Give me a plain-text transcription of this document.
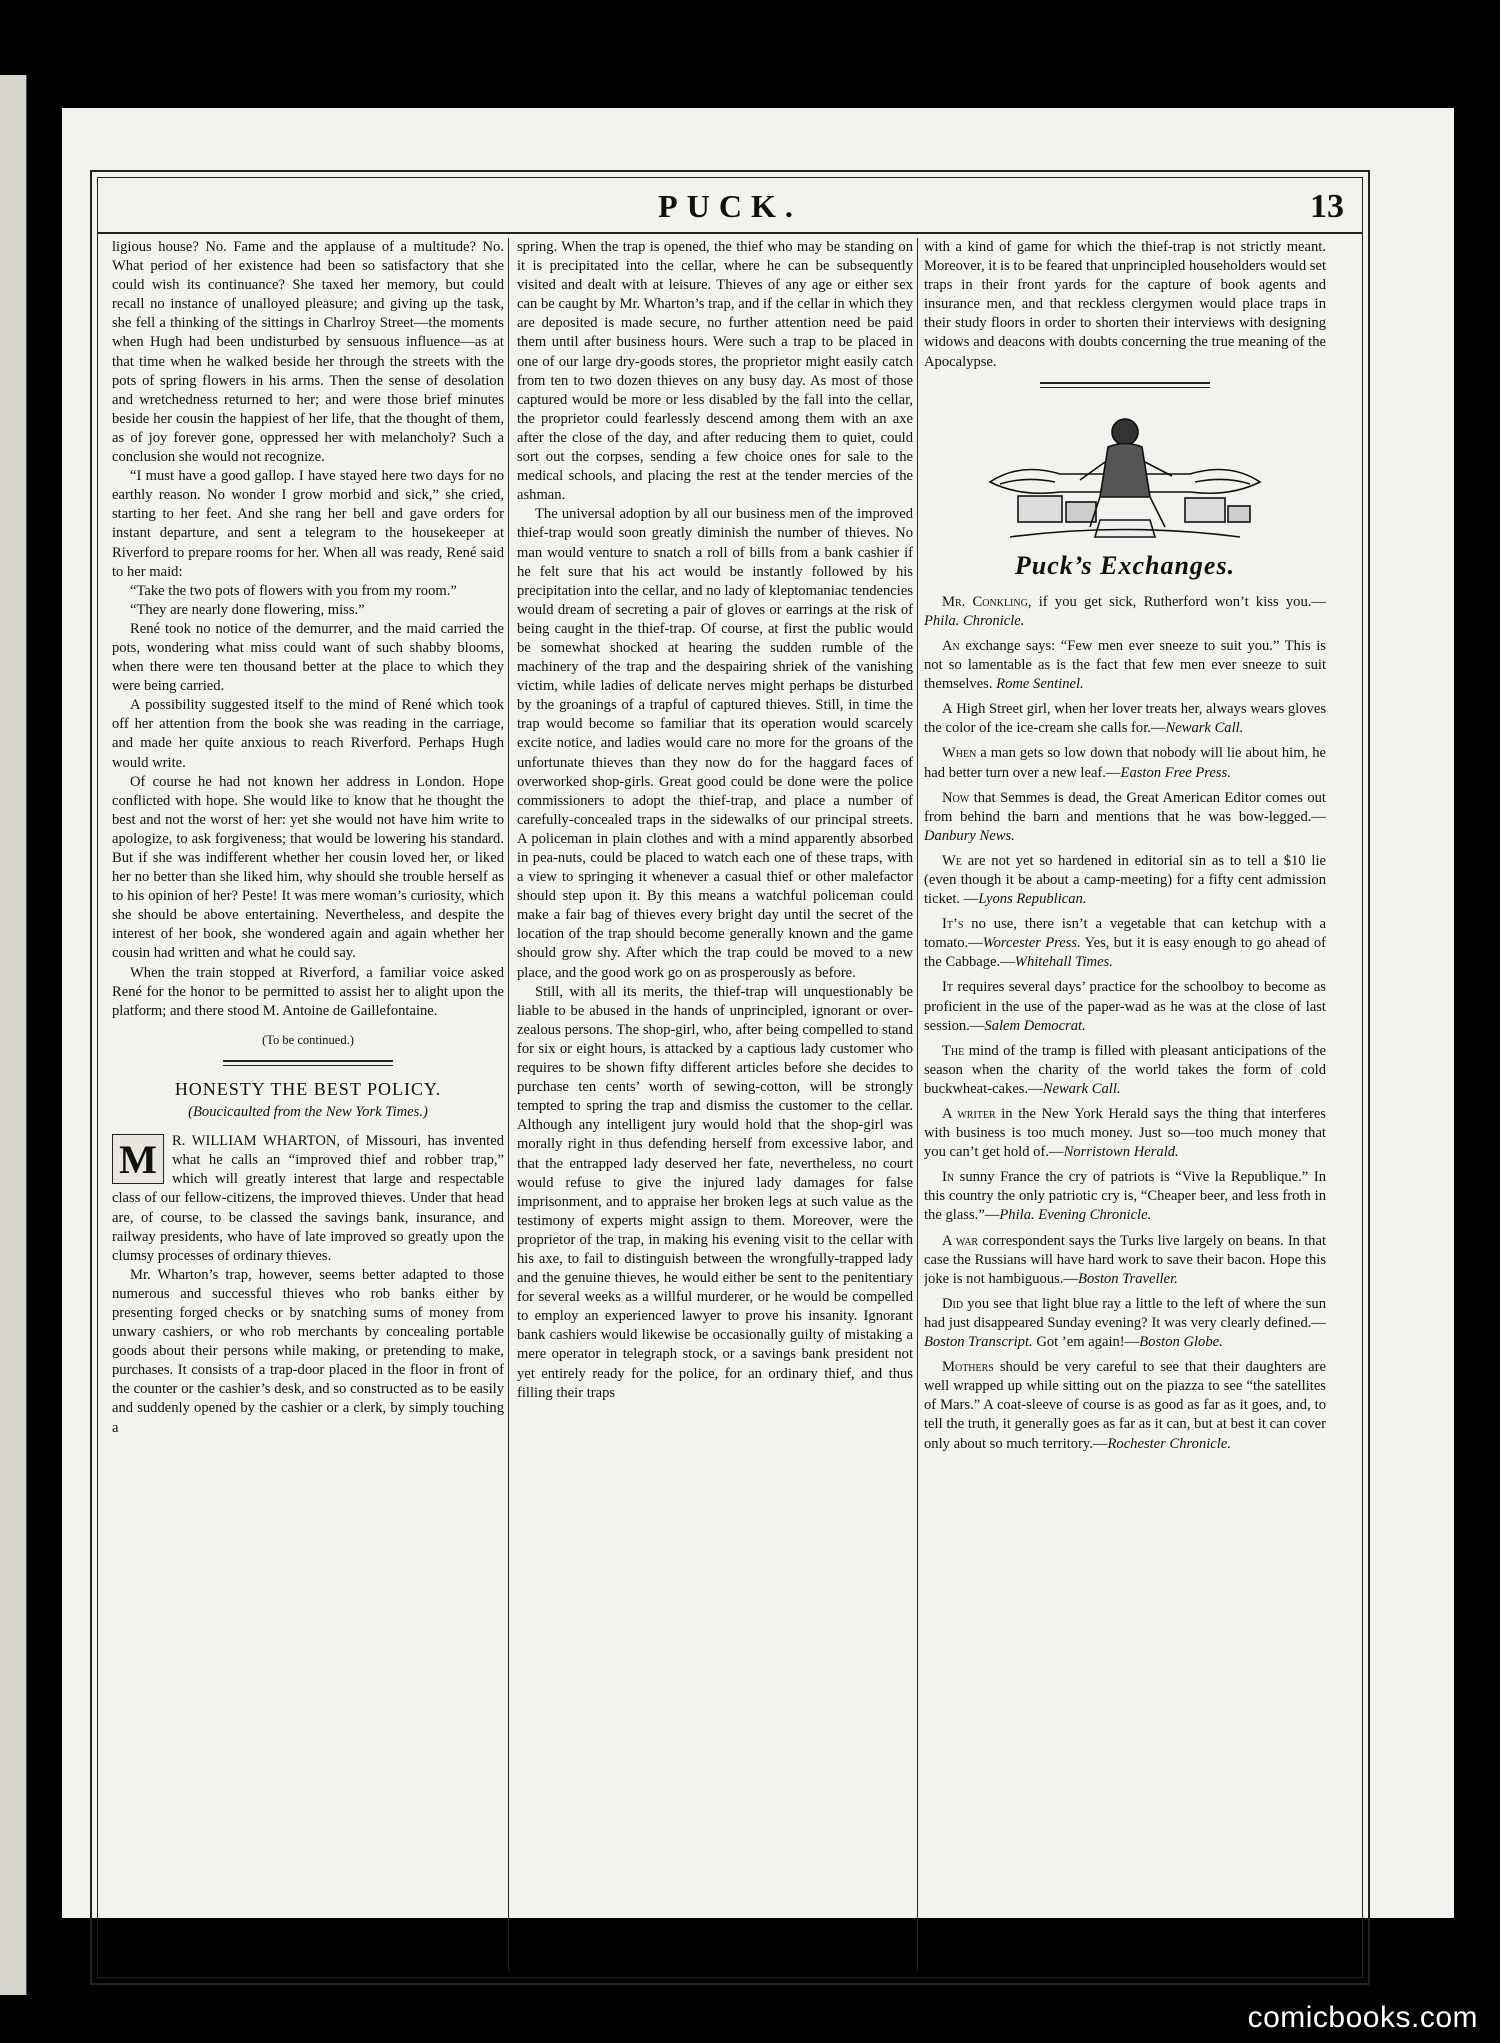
PUCK.	13

ligious house? No. Fame and the applause of a multitude? No. What period of her existence had been so satisfactory that she could wish its continuance? She taxed her memory, but could recall no instance of unalloyed pleasure; and giving up the task, she fell a thinking of the sittings in Charlroy Street—the moments when Hugh had been undisturbed by sensuous influence—as at that time when he walked beside her through the streets with the pots of spring flowers in his arms. Then the sense of desolation and wretchedness returned to her; and were those brief minutes beside her cousin the happiest of her life, that the thought of them, as of joy forever gone, oppressed her with melancholy? Such a conclusion she would not recognize.

“I must have a good gallop. I have stayed here two days for no earthly reason. No wonder I grow morbid and sick,” she cried, starting to her feet. And she rang her bell and gave orders for instant departure, and sent a telegram to the housekeeper at Riverford to prepare rooms for her. When all was ready, René said to her maid:

“Take the two pots of flowers with you from my room.”

“They are nearly done flowering, miss.”

René took no notice of the demurrer, and the maid carried the pots, wondering what miss could want of such shabby blooms, when there were ten thousand better at the place to which they were being carried.

A possibility suggested itself to the mind of René which took off her attention from the book she was reading in the carriage, and made her quite anxious to reach Riverford. Perhaps Hugh would write.

Of course he had not known her address in London. Hope conflicted with hope. She would like to know that he thought the best and not the worst of her: yet she would not have him write to apologize, to ask forgiveness; that would be lowering his standard. But if she was indifferent whether her cousin loved her, or liked her no better than she liked him, why should she trouble herself as to his opinion of her? Peste! It was mere woman’s curiosity, which she should be above entertaining. Nevertheless, and despite the interest of her book, she wondered again and again whether her cousin had written and what he could say.

When the train stopped at Riverford, a familiar voice asked René for the honor to be permitted to assist her to alight upon the platform; and there stood M. Antoine de Gaillefontaine.

(To be continued.)

HONESTY THE BEST POLICY.

(Boucicaulted from the New York Times.)

M	R. WILLIAM WHARTON, of Missouri, has invented what he calls an “improved thief and robber trap,” which will greatly interest that large and respectable class of our fellow-citizens, the improved thieves. Under that head are, of course, to be classed the savings bank, insurance, and railway presidents, who have of late improved so greatly upon the clumsy processes of ordinary thieves.

Mr. Wharton’s trap, however, seems better adapted to those numerous and successful thieves who rob banks either by presenting forged checks or by snatching sums of money from unwary cashiers, or who rob merchants by concealing portable goods about their persons while making, or pretending to make, purchases. It consists of a trap-door placed in the floor in front of the counter or the cashier’s desk, and so constructed as to be easily and suddenly opened by the cashier or a clerk, by simply touching a

spring. When the trap is opened, the thief who may be standing on it is precipitated into the cellar, where he can be subsequently visited and dealt with at leisure. Thieves of any age or either sex can be caught by Mr. Wharton’s trap, and if the cellar in which they are deposited is made secure, no further attention need be paid them until after business hours. Were such a trap to be placed in one of our large dry-goods stores, the proprietor might easily catch from ten to two dozen thieves on any busy day. As most of those captured would be more or less disabled by the fall into the cellar, the proprietor could fearlessly descend among them with an axe after the close of the day, and after reducing them to quiet, could sort out the corpses, sending a few choice ones for sale to the medical schools, and placing the rest at the tender mercies of the ashman.

The universal adoption by all our business men of the improved thief-trap would soon greatly diminish the number of thieves. No man would venture to snatch a roll of bills from a bank cashier if he felt sure that his act would be instantly followed by his precipitation into the cellar, and no lady of kleptomaniac tendencies would dream of secreting a pair of gloves or earrings at the risk of being caught in the thief-trap. Of course, at first the public would be somewhat shocked at hearing the sudden rumble of the machinery of the trap and the despairing shriek of the vanishing victim, while ladies of delicate nerves might perhaps be disturbed by the groanings of a trapful of captured thieves. Still, in time the trap would become so familiar that its operation would scarcely excite notice, and ladies would care no more for the groans of the unfortunate thieves than they now do for the haggard faces of overworked shop-girls. Great good could be done were the police commissioners to adopt the thief-trap, and place a number of carefully-concealed traps in the sidewalks of our principal streets. A policeman in plain clothes and with a mind apparently absorbed in pea-nuts, could be placed to watch each one of these traps, with a view to springing it whenever a casual thief or other malefactor should step upon it. By this means a watchful policeman could make a fair bag of thieves every bright day until the secret of the location of the trap should become generally known and the game should grow shy. After which the trap could be moved to a new place, and the good work go on as prosperously as before.

Still, with all its merits, the thief-trap will unquestionably be liable to be abused in the hands of unprincipled, ignorant or over-zealous persons. The shop-girl, who, after being compelled to stand for six or eight hours, is attacked by a captious lady customer who requires to be shown fifty different articles before she decides to purchase ten cents’ worth of sewing-cotton, will be strongly tempted to spring the trap and dismiss the customer to the cellar. Although any intelligent jury would hold that the shop-girl was morally right in thus defending herself from excessive labor, and that the entrapped lady deserved her fate, nevertheless, no court would refuse to give the injured lady damages for false imprisonment, and to appraise her broken legs at such value as the testimony of experts might assign to them. Moreover, were the proprietor of the trap, in making his evening visit to the cellar with his axe, to fail to distinguish between the wrongfully-trapped lady and the genuine thieves, he would either be sent to the penitentiary for several weeks as a willful murderer, or he would be compelled to employ an experienced lawyer to prove his insanity. Ignorant bank cashiers would likewise be occasionally guilty of mistaking a mere operator in telegraph stock, or a savings bank president not yet entirely ready for the police, for an ordinary thief, and thus filling their traps

with a kind of game for which the thief-trap is not strictly meant. Moreover, it is to be feared that unprincipled householders would set traps in their front yards for the capture of book agents and insurance men, and that reckless clergymen would place traps in their study floors in order to shorten their interviews with designing widows and deacons with doubts concerning the true meaning of the Apocalypse.

Puck’s Exchanges.

Mr. Conkling, if you get sick, Rutherford won’t kiss you.—Phila. Chronicle.

An exchange says: “Few men ever sneeze to suit you.” This is not so lamentable as is the fact that few men ever sneeze to suit themselves. Rome Sentinel.

A High Street girl, when her lover treats her, always wears gloves the color of the ice-cream she calls for.—Newark Call.

When a man gets so low down that nobody will lie about him, he had better turn over a new leaf.—Easton Free Press.

Now that Semmes is dead, the Great American Editor comes out from behind the barn and mentions that he was bow-legged.—Danbury News.

We are not yet so hardened in editorial sin as to tell a $10 lie (even though it be about a camp-meeting) for a fifty cent admission ticket. —Lyons Republican.

It’s no use, there isn’t a vegetable that can ketchup with a tomato.—Worcester Press. Yes, but it is easy enough to go ahead of the Cabbage.—Whitehall Times.

It requires several days’ practice for the schoolboy to become as proficient in the use of the paper-wad as he was at the close of last session.—Salem Democrat.

The mind of the tramp is filled with pleasant anticipations of the season when the charity of the world takes the form of cold buckwheat-cakes.—Newark Call.

A writer in the New York Herald says the thing that interferes with business is too much money. Just so—too much money that you can’t get hold of.—Norristown Herald.

In sunny France the cry of patriots is “Vive la Republique.” In this country the only patriotic cry is, “Cheaper beer, and less froth in the glass.”—Phila. Evening Chronicle.

A war correspondent says the Turks live largely on beans. In that case the Russians will have hard work to save their bacon. Hope this joke is not hambiguous.—Boston Traveller.

Did you see that light blue ray a little to the left of where the sun had just disappeared Sunday evening? It was very clearly defined.—Boston Transcript. Got ’em again!—Boston Globe.

Mothers should be very careful to see that their daughters are well wrapped up while sitting out on the piazza to see “the satellites of Mars.” A coat-sleeve of course is as good as far as it goes, and, to tell the truth, it generally goes as far as it can, but at best it can cover only about so much territory.—Rochester Chronicle.

comicbooks.com
